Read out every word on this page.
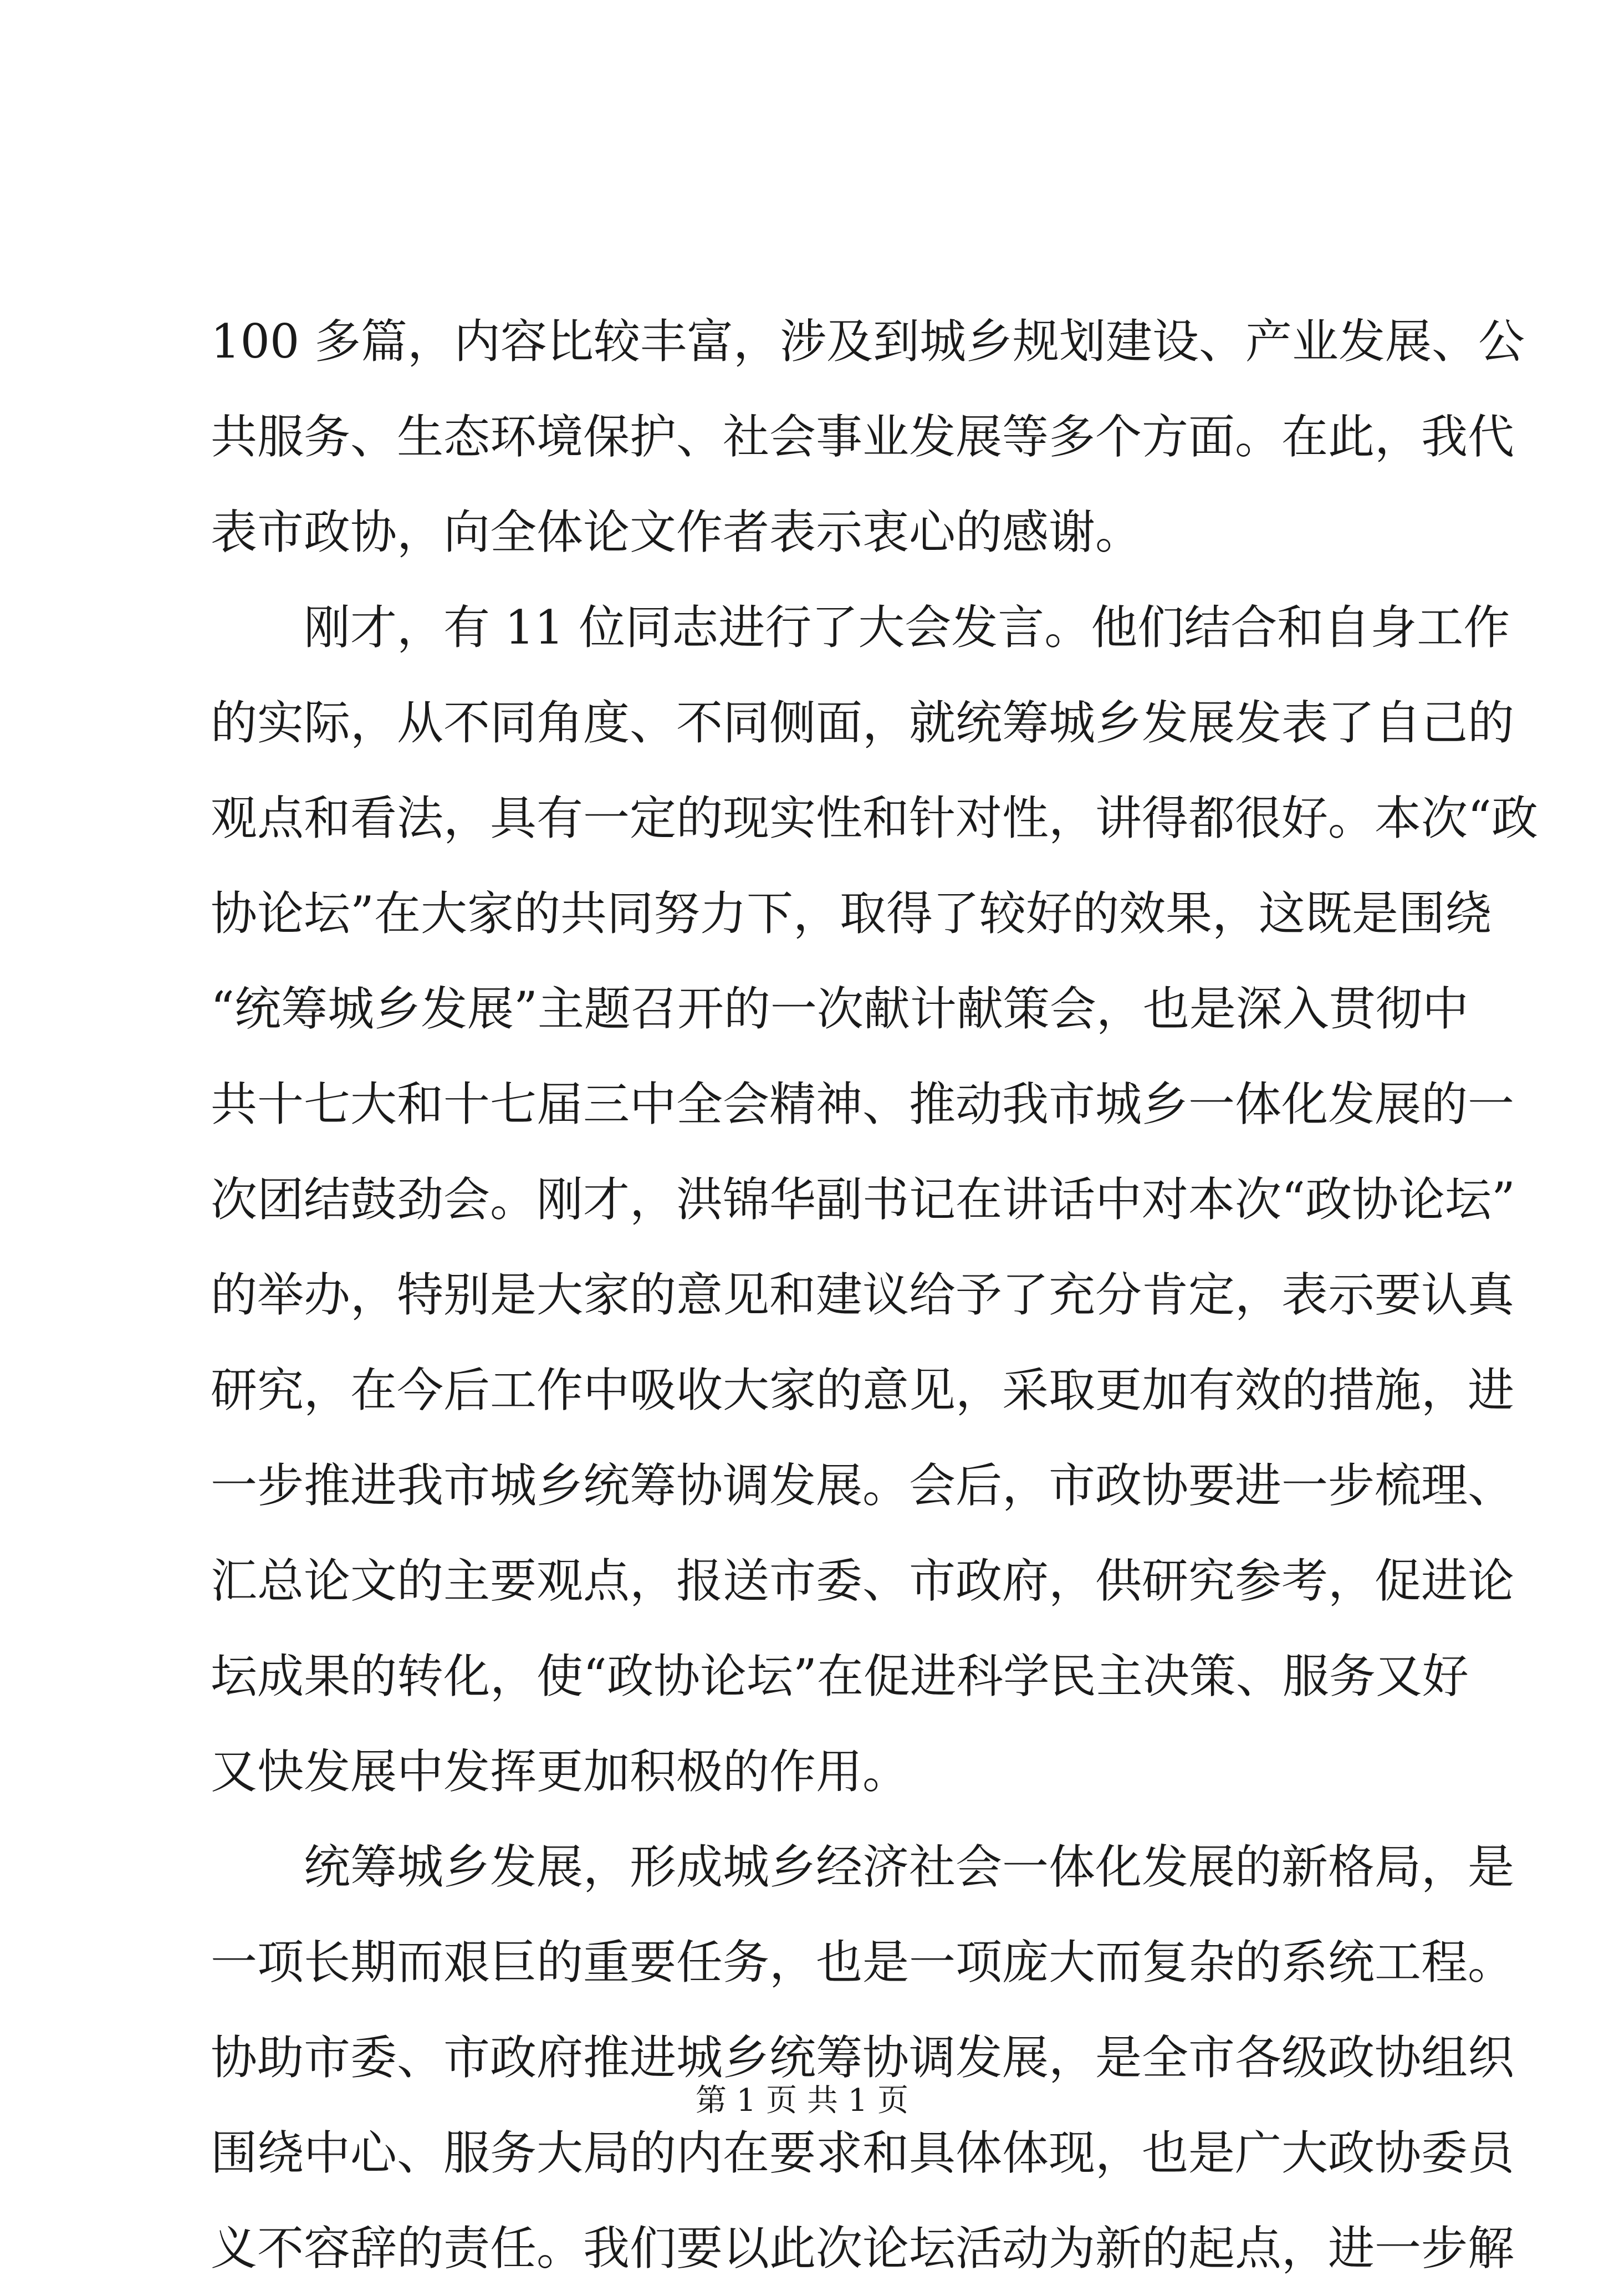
100 多篇，内容比较丰富，涉及到城乡规划建设、产业发展、公
共服务、生态环境保护、社会事业发展等多个方面。在此，我代
表市政协，向全体论文作者表示衷心的感谢。
　　刚才，有 11 位同志进行了大会发言。他们结合和自身工作
的实际，从不同角度、不同侧面，就统筹城乡发展发表了自己的
观点和看法，具有一定的现实性和针对性，讲得都很好。本次“政
协论坛”在大家的共同努力下，取得了较好的效果，这既是围绕
“统筹城乡发展”主题召开的一次献计献策会，也是深入贯彻中
共十七大和十七届三中全会精神、推动我市城乡一体化发展的一
次团结鼓劲会。刚才，洪锦华副书记在讲话中对本次“政协论坛”
的举办，特别是大家的意见和建议给予了充分肯定，表示要认真
研究，在今后工作中吸收大家的意见，采取更加有效的措施，进
一步推进我市城乡统筹协调发展。会后，市政协要进一步梳理、
汇总论文的主要观点，报送市委、市政府，供研究参考，促进论
坛成果的转化，使“政协论坛”在促进科学民主决策、服务又好
又快发展中发挥更加积极的作用。
　　统筹城乡发展，形成城乡经济社会一体化发展的新格局，是
一项长期而艰巨的重要任务，也是一项庞大而复杂的系统工程。
协助市委、市政府推进城乡统筹协调发展，是全市各级政协组织
围绕中心、服务大局的内在要求和具体体现，也是广大政协委员
义不容辞的责任。我们要以此次论坛活动为新的起点，进一步解
第 1 页 共 1 页
